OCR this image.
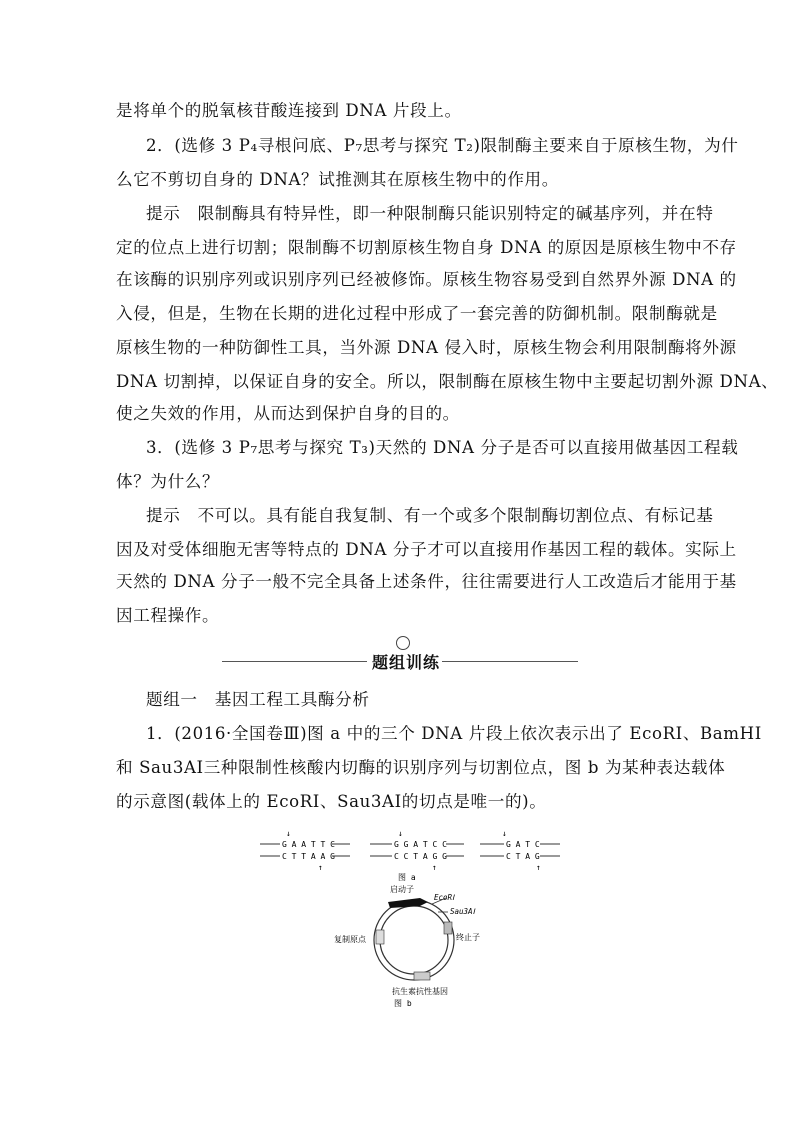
是将单个的脱氧核苷酸连接到 DNA 片段上。
2．(选修 3 P₄寻根问底、P₇思考与探究 T₂)限制酶主要来自于原核生物，为什
么它不剪切自身的 DNA？试推测其在原核生物中的作用。
提示　限制酶具有特异性，即一种限制酶只能识别特定的碱基序列，并在特
定的位点上进行切割；限制酶不切割原核生物自身 DNA 的原因是原核生物中不存
在该酶的识别序列或识别序列已经被修饰。原核生物容易受到自然界外源 DNA 的
入侵，但是，生物在长期的进化过程中形成了一套完善的防御机制。限制酶就是
原核生物的一种防御性工具，当外源 DNA 侵入时，原核生物会利用限制酶将外源
DNA 切割掉，以保证自身的安全。所以，限制酶在原核生物中主要起切割外源 DNA、
使之失效的作用，从而达到保护自身的目的。
3．(选修 3 P₇思考与探究 T₃)天然的 DNA 分子是否可以直接用做基因工程载
体？为什么？
提示　不可以。具有能自我复制、有一个或多个限制酶切割位点、有标记基
因及对受体细胞无害等特点的 DNA 分子才可以直接用作基因工程的载体。实际上
天然的 DNA 分子一般不完全具备上述条件，往往需要进行人工改造后才能用于基
因工程操作。
题组训练
题组一　基因工程工具酶分析
1．(2016·全国卷Ⅲ)图 a 中的三个 DNA 片段上依次表示出了 EcoRⅠ、BamHⅠ
和 Sau3AⅠ三种限制性核酸内切酶的识别序列与切割位点，图 b 为某种表达载体
的示意图(载体上的 EcoRⅠ、Sau3AⅠ的切点是唯一的)。
G A A T T C
C T T A A G
↓
↑
G G A T C C
C C T A G G
↓
↑
G A T C
C T A G
↓
↑
图 a
启动子
EcoRⅠ
Sau3AⅠ
终止子
复制原点
抗生素抗性基因
图 b
